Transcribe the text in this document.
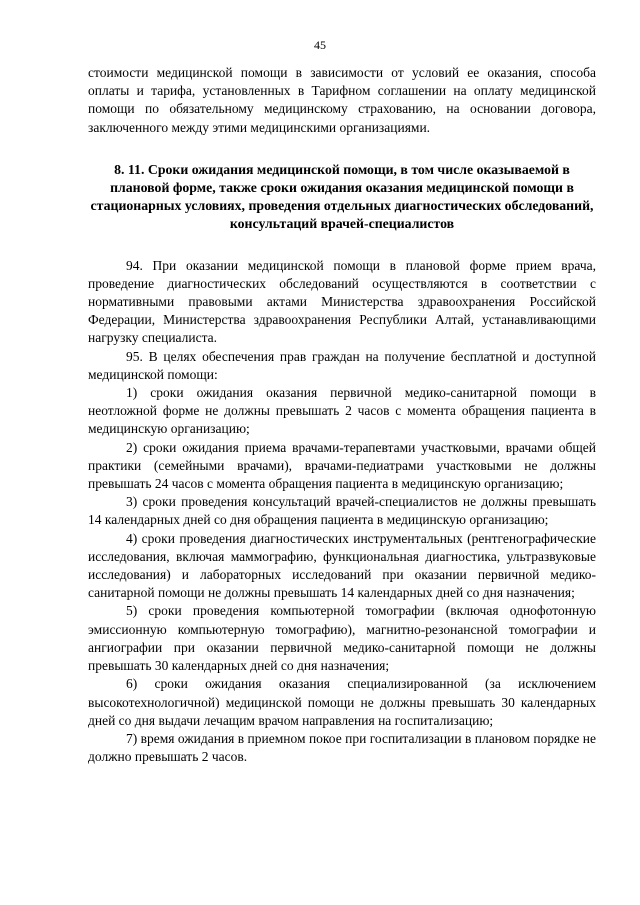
45

стоимости медицинской помощи в зависимости от условий ее оказания, способа оплаты и тарифа, установленных в Тарифном соглашении на оплату медицинской помощи по обязательному медицинскому страхованию, на основании договора, заключенного между этими медицинскими организациями.

8. 11. Сроки ожидания медицинской помощи, в том числе оказываемой в плановой форме, также сроки ожидания оказания медицинской помощи в стационарных условиях, проведения отдельных диагностических обследований, консультаций врачей-специалистов

94. При оказании медицинской помощи в плановой форме прием врача, проведение диагностических обследований осуществляются в соответствии с нормативными правовыми актами Министерства здравоохранения Российской Федерации, Министерства здравоохранения Республики Алтай, устанавливающими нагрузку специалиста.

95. В целях обеспечения прав граждан на получение бесплатной и доступной медицинской помощи:

1) сроки ожидания оказания первичной медико-санитарной помощи в неотложной форме не должны превышать 2 часов с момента обращения пациента в медицинскую организацию;

2) сроки ожидания приема врачами-терапевтами участковыми, врачами общей практики (семейными врачами), врачами-педиатрами участковыми не должны превышать 24 часов с момента обращения пациента в медицинскую организацию;

3) сроки проведения консультаций врачей-специалистов не должны превышать 14 календарных дней со дня обращения пациента в медицинскую организацию;

4) сроки проведения диагностических инструментальных (рентгенографические исследования, включая маммографию, функциональная диагностика, ультразвуковые исследования) и лабораторных исследований при оказании первичной медико-санитарной помощи не должны превышать 14 календарных дней со дня назначения;

5) сроки проведения компьютерной томографии (включая однофотонную эмиссионную компьютерную томографию), магнитно-резонансной томографии и ангиографии при оказании первичной медико-санитарной помощи не должны превышать 30 календарных дней со дня назначения;

6) сроки ожидания оказания специализированной (за исключением высокотехнологичной) медицинской помощи не должны превышать 30 календарных дней со дня выдачи лечащим врачом направления на госпитализацию;

7) время ожидания в приемном покое при госпитализации в плановом порядке не должно превышать 2 часов.
